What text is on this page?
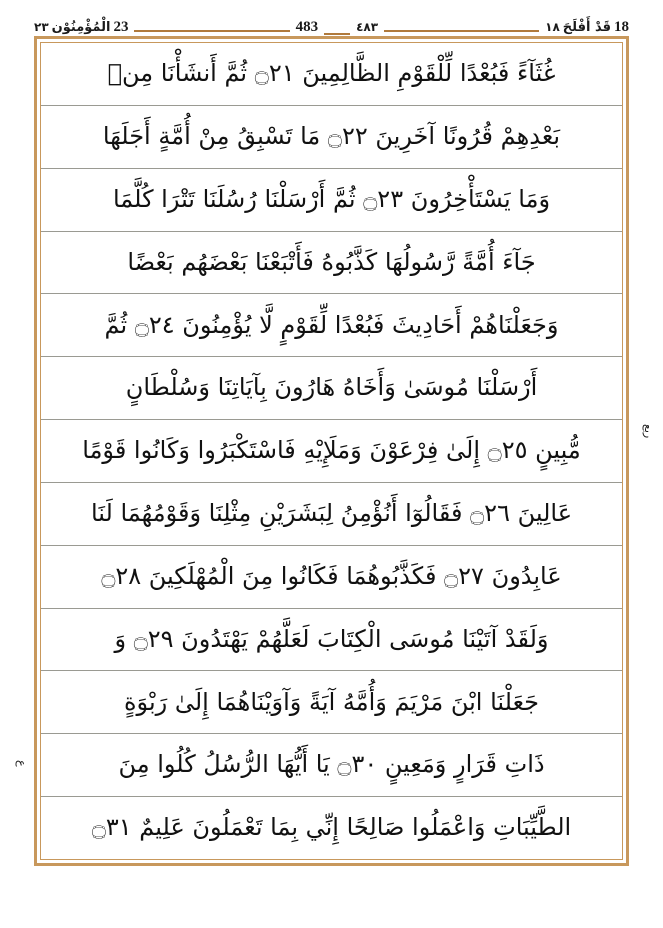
18
قَدْ أَفْلَحَ
١٨
٤٨٣
483
23
الْمُؤْمِنُوْن
٢٣
غُثَآءً فَبُعْدًا لِّلْقَوْمِ الظَّالِمِينَ ۝٢١ ثُمَّ أَنشَأْنَا مِنۢ
بَعْدِهِمْ قُرُونًا آخَرِينَ ۝٢٢ مَا تَسْبِقُ مِنْ أُمَّةٍ أَجَلَهَا
وَمَا يَسْتَأْخِرُونَ ۝٢٣ ثُمَّ أَرْسَلْنَا رُسُلَنَا تَتْرَا كُلَّمَا
جَآءَ أُمَّةً رَّسُولُهَا كَذَّبُوهُ فَأَتْبَعْنَا بَعْضَهُم بَعْضًا
وَجَعَلْنَاهُمْ أَحَادِيثَ فَبُعْدًا لِّقَوْمٍ لَّا يُؤْمِنُونَ ۝٢٤ ثُمَّ
أَرْسَلْنَا مُوسَىٰ وَأَخَاهُ هَارُونَ بِآيَاتِنَا وَسُلْطَانٍ
مُّبِينٍ ۝٢٥ إِلَىٰ فِرْعَوْنَ وَمَلَإِيْهِ فَاسْتَكْبَرُوا وَكَانُوا قَوْمًا
عَالِينَ ۝٢٦ فَقَالُوٓا أَنُؤْمِنُ لِبَشَرَيْنِ مِثْلِنَا وَقَوْمُهُمَا لَنَا
عَابِدُونَ ۝٢٧ فَكَذَّبُوهُمَا فَكَانُوا مِنَ الْمُهْلَكِينَ ۝٢٨
وَلَقَدْ آتَيْنَا مُوسَى الْكِتَابَ لَعَلَّهُمْ يَهْتَدُونَ ۝٢٩ وَ
جَعَلْنَا ابْنَ مَرْيَمَ وَأُمَّهُ آيَةً وَآوَيْنَاهُمَا إِلَىٰ رَبْوَةٍ
ذَاتِ قَرَارٍ وَمَعِينٍ ۝٣٠ يَا أَيُّهَا الرُّسُلُ كُلُوا مِنَ
الطَّيِّبَاتِ وَاعْمَلُوا صَالِحًا إِنِّي بِمَا تَعْمَلُونَ عَلِيمٌ ۝٣١
ربع
ع
